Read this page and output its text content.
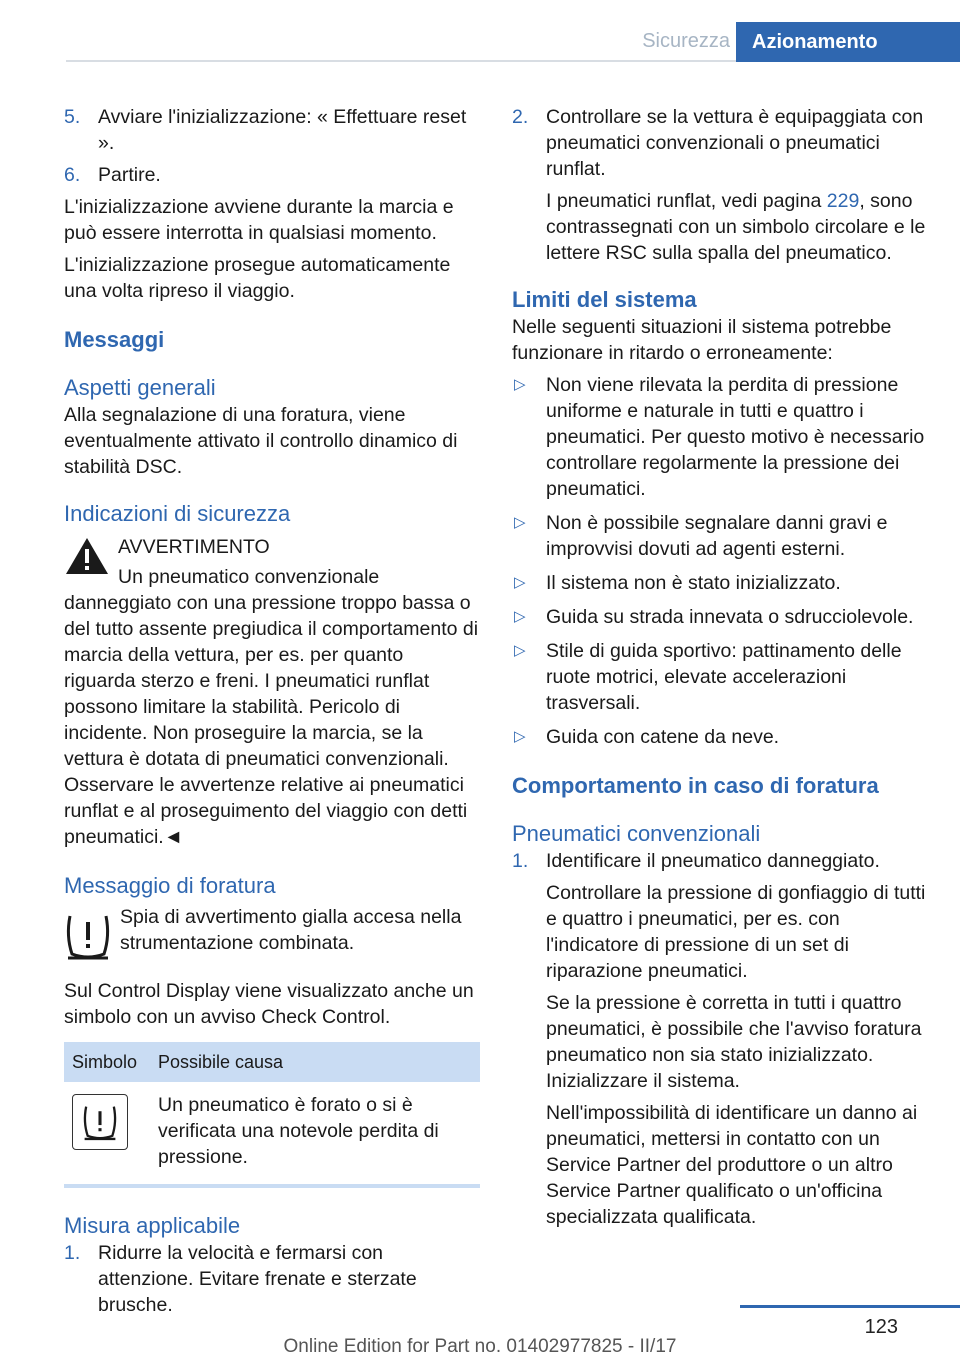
Sicurezza	Azionamento
5. Avviare l'inizializzazione: « Effettuare reset ».

6. Partire.

L'inizializzazione avviene durante la marcia e può essere interrotta in qualsiasi momento.

L'inizializzazione prosegue automaticamente una volta ripreso il viaggio.

Messaggi
Aspetti generali

Alla segnalazione di una foratura, viene eventualmente attivato il controllo dinamico di stabilità DSC.

Indicazioni di sicurezza

AVVERTIMENTO

Un pneumatico convenzionale danneggiato con una pressione troppo bassa o del tutto assente pregiudica il comportamento di marcia della vettura, per es. per quanto riguarda sterzo e freni. I pneumatici runflat possono limitare la stabilità. Pericolo di incidente. Non proseguire la marcia, se la vettura è dotata di pneumatici convenzionali. Osservare le avvertenze relative ai pneumatici runflat e al proseguimento del viaggio con detti pneumatici.◄

Messaggio di foratura

Spia di avvertimento gialla accesa nella strumentazione combinata.

Sul Control Display viene visualizzato anche un simbolo con un avviso Check Control.

Simbolo	Possibile causa

Un pneumatico è forato o si è verificata una notevole perdita di pressione.

Misura applicabile
1. Ridurre la velocità e fermarsi con attenzione. Evitare frenate e sterzate brusche.

2. Controllare se la vettura è equipaggiata con pneumatici convenzionali o pneumatici runflat.

I pneumatici runflat, vedi pagina 229, sono contrassegnati con un simbolo circolare e le lettere RSC sulla spalla del pneumatico.

Limiti del sistema

Nelle seguenti situazioni il sistema potrebbe funzionare in ritardo o erroneamente:

▷ Non viene rilevata la perdita di pressione uniforme e naturale in tutti e quattro i pneumatici. Per questo motivo è necessario controllare regolarmente la pressione dei pneumatici.

▷ Non è possibile segnalare danni gravi e improvvisi dovuti ad agenti esterni.

▷ Il sistema non è stato inizializzato.

▷ Guida su strada innevata o sdrucciolevole.

▷ Stile di guida sportivo: pattinamento delle ruote motrici, elevate accelerazioni trasversali.

▷ Guida con catene da neve.

Comportamento in caso di foratura
Pneumatici convenzionali
1. Identificare il pneumatico danneggiato.

Controllare la pressione di gonfiaggio di tutti e quattro i pneumatici, per es. con l'indicatore di pressione di un set di riparazione pneumatici.

Se la pressione è corretta in tutti i quattro pneumatici, è possibile che l'avviso foratura pneumatico non sia stato inizializzato. Inizializzare il sistema.

Nell'impossibilità di identificare un danno ai pneumatici, mettersi in contatto con un Service Partner del produttore o un altro Service Partner qualificato o un'officina specializzata qualificata.

123
Online Edition for Part no. 01402977825 - II/17
